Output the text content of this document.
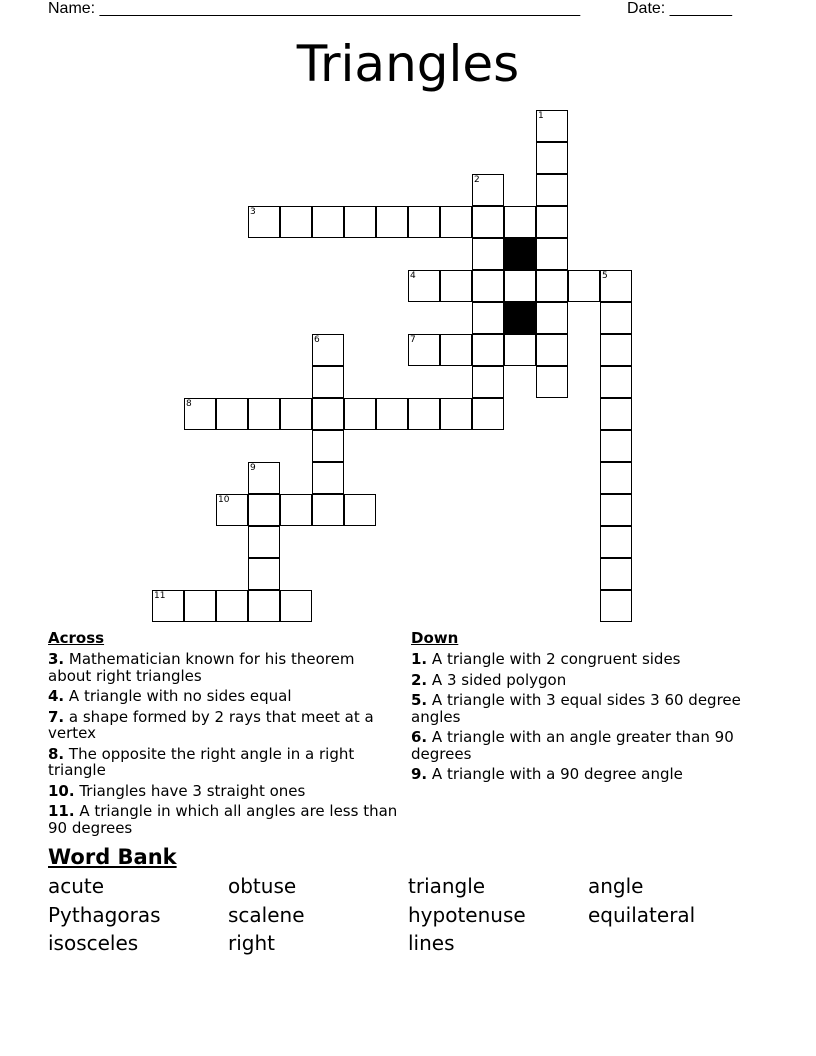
Name: ______________________________________________________	Date: _______
Triangles
1
2
3
4	5
6	7
8
9
10
11
Across
3. Mathematician known for his theorem about right triangles
4. A triangle with no sides equal
7. a shape formed by 2 rays that meet at a vertex
8. The opposite the right angle in a right triangle
10. Triangles have 3 straight ones
11. A triangle in which all angles are less than 90 degrees
Down
1. A triangle with 2 congruent sides
2. A 3 sided polygon
5. A triangle with 3 equal sides 3 60 degree angles
6. A triangle with an angle greater than 90 degrees
9. A triangle with a 90 degree angle
Word Bank
acute	obtuse	triangle	angle
Pythagoras	scalene	hypotenuse	equilateral
isosceles	right	lines
